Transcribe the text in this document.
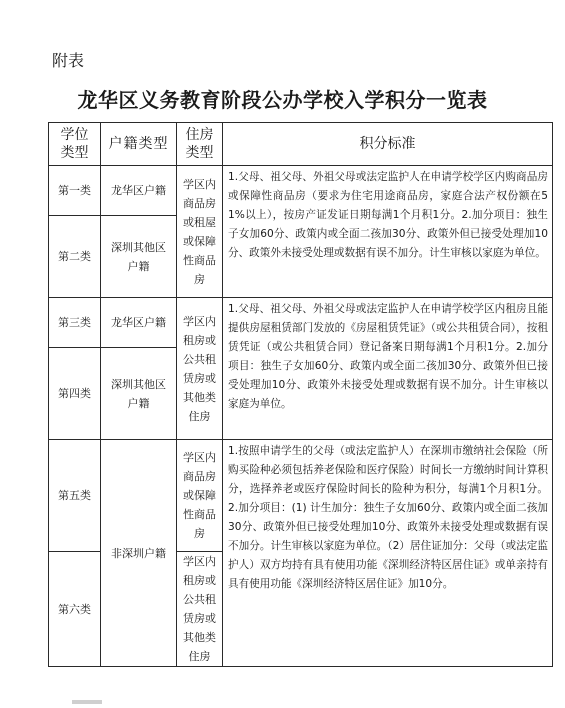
附表
龙华区义务教育阶段公办学校入学积分一览表
学位类型	户籍类型	住房类型	积分标准
第一类	龙华区户籍	学区内商品房或租屋或保障性商品房	1.父母、祖父母、外祖父母或法定监护人在申请学校学区内购商品房或保障性商品房（要求为住宅用途商品房，家庭合法产权份额在51%以上），按房产证发证日期每满1个月积1分。2.加分项目：独生子女加60分、政策内或全面二孩加30分、政策外但已接受处理加10分、政策外未接受处理或数据有误不加分。计生审核以家庭为单位。
第二类	深圳其他区户籍		

第三类	龙华区户籍	学区内租房或公共租赁房或其他类住房	1.父母、祖父母、外祖父母或法定监护人在申请学校学区内租房且能提供房屋租赁部门发放的《房屋租赁凭证》（或公共租赁合同），按租赁凭证（或公共租赁合同）登记备案日期每满1个月积1分。2.加分项目：独生子女加60分、政策内或全面二孩加30分、政策外但已接受处理加10分、政策外未接受处理或数据有误不加分。计生审核以家庭为单位。
第四类	深圳其他区户籍		

第五类	非深圳户籍	学区内商品房或保障性商品房	1.按照申请学生的父母（或法定监护人）在深圳市缴纳社会保险（所购买险种必须包括养老保险和医疗保险）时间长一方缴纳时间计算积分，选择养老或医疗保险时间长的险种为积分，每满1个月积1分。2.加分项目：(1) 计生加分：独生子女加60分、政策内或全面二孩加30分、政策外但已接受处理加10分、政策外未接受处理或数据有误不加分。计生审核以家庭为单位。（2）居住证加分：父母（或法定监护人）双方均持有具有使用功能《深圳经济特区居住证》或单亲持有具有使用功能《深圳经济特区居住证》加10分。
第六类		学区内租房或公共租赁房或其他类住房	
